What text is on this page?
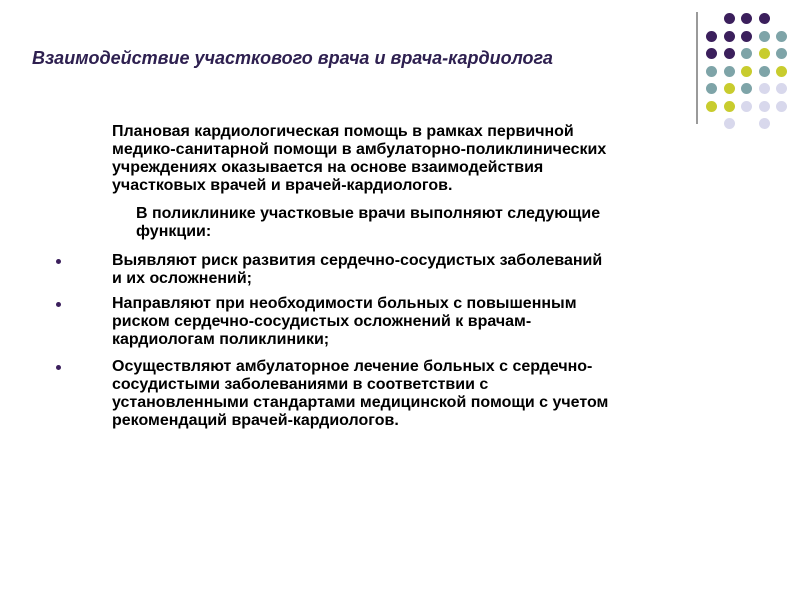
Взаимодействие участкового врача и врача-кардиолога
Плановая кардиологическая помощь в рамках первичной
медико-санитарной помощи в амбулаторно-поликлинических
учреждениях оказывается на основе взаимодействия
участковых врачей и врачей-кардиологов.
В поликлинике участковые врачи выполняют следующие
функции:
Выявляют риск развития сердечно-сосудистых заболеваний
и их осложнений;
Направляют при необходимости больных с повышенным
риском сердечно-сосудистых осложнений к врачам-
кардиологам поликлиники;
Осуществляют амбулаторное лечение больных с сердечно-
сосудистыми заболеваниями в соответствии с
установленными стандартами медицинской помощи с учетом
рекомендаций врачей-кардиологов.
